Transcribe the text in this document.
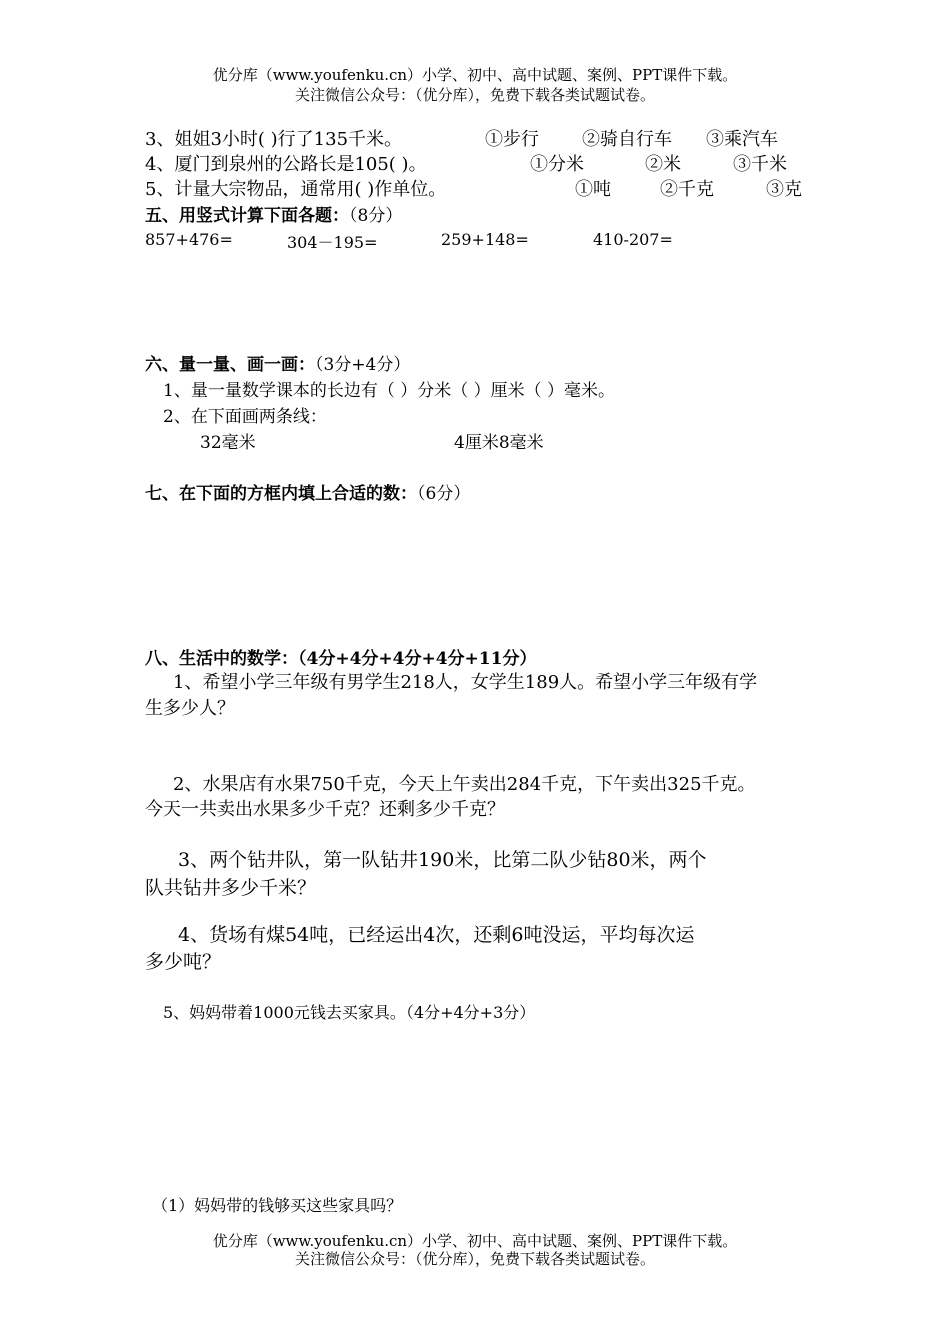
优分库（www.youfenku.cn）小学、初中、高中试题、案例、PPT课件下载。
关注微信公众号：（优分库），免费下载各类试题试卷。
3、姐姐3小时( )行了135千米。	①步行 ②骑自行车 ③乘汽车
4、厦门到泉州的公路长是105( )。	①分米	②米	③千米
5、计量大宗物品，通常用( )作单位。	①吨	②千克	③克
五、用竖式计算下面各题：（8分）
857+476=	304－195=	259+148=	410-207=
六、量一量、画一画：（3分+4分）
1、量一量数学课本的长边有（ ）分米（ ）厘米（ ）毫米。
2、在下面画两条线：
32毫米	4厘米8毫米
七、在下面的方框内填上合适的数：（6分）
八、生活中的数学：（4分+4分+4分+4分+11分）
1、希望小学三年级有男学生218人，女学生189人。希望小学三年级有学
生多少人？
2、水果店有水果750千克，今天上午卖出284千克，下午卖出325千克。
今天一共卖出水果多少千克？还剩多少千克？
3、两个钻井队，第一队钻井190米，比第二队少钻80米，两个
队共钻井多少千米？
4、货场有煤54吨，已经运出4次，还剩6吨没运，平均每次运
多少吨？
5、妈妈带着1000元钱去买家具。（4分+4分+3分）
（1）妈妈带的钱够买这些家具吗？
优分库（www.youfenku.cn）小学、初中、高中试题、案例、PPT课件下载。
关注微信公众号：（优分库），免费下载各类试题试卷。
